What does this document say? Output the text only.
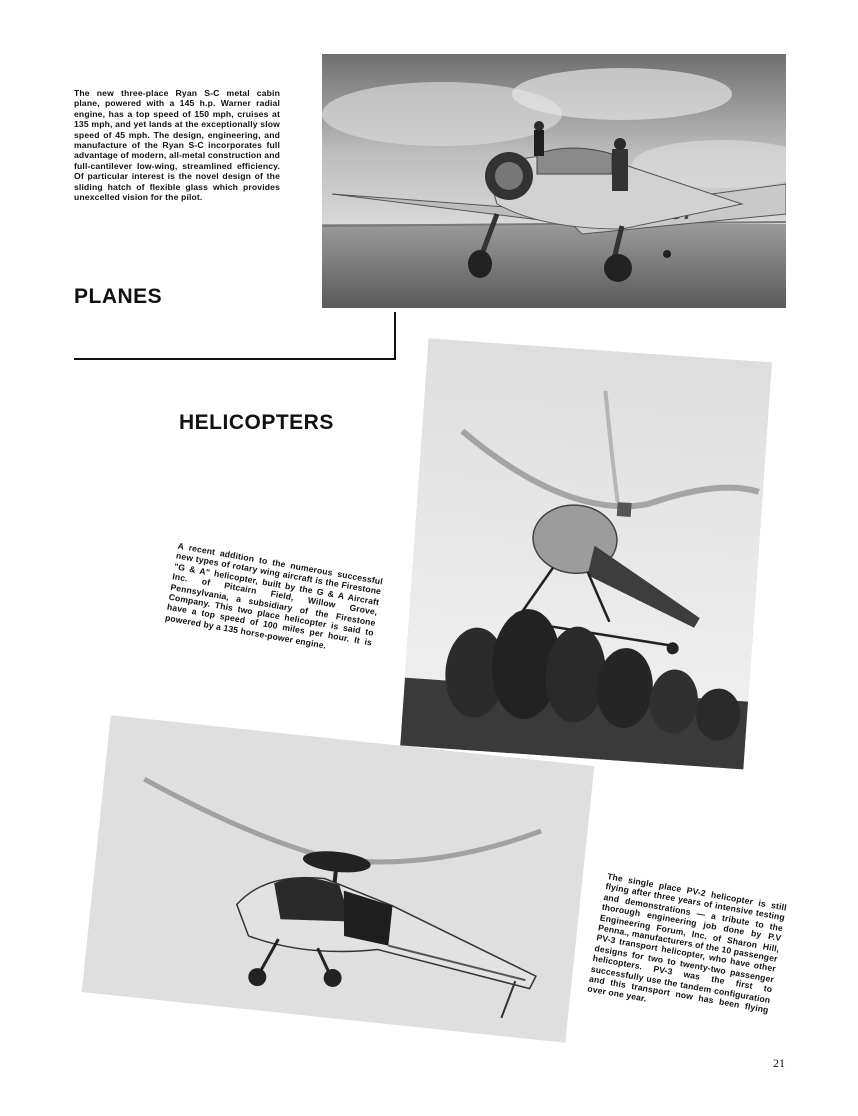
The new three-place Ryan S-C metal cabin plane, powered with a 145 h.p. Warner radial engine, has a top speed of 150 mph, cruises at 135 mph, and yet lands at the exceptionally slow speed of 45 mph. The design, engineering, and manufacture of the Ryan S-C incorporates full advantage of modern, all-metal construction and full-cantilever low-wing, streamlined efficiency. Of particular interest is the novel design of the sliding hatch of flexible glass which provides unexcelled vision for the pilot.
PLANES
HELICOPTERS
A recent addition to the numerous successful new types of rotary wing aircraft is the Firestone "G & A" helicopter, built by the G & A Aircraft Inc. of Pitcairn Field, Willow Grove, Pennsylvania, a subsidiary of the Firestone Company. This two place helicopter is said to have a top speed of 100 miles per hour. It is powered by a 135 horse-power engine.
The single place PV-2 helicopter is still flying after three years of intensive testing and demonstrations — a tribute to the thorough engineering job done by P.V Engineering Forum, Inc. of Sharon Hill, Penna., manufacturers of the 10 passenger PV-3 transport helicopter, who have other designs for two to twenty-two passenger helicopters. PV-3 was the first to successfully use the tandem configuration and this transport now has been flying over one year.
21
